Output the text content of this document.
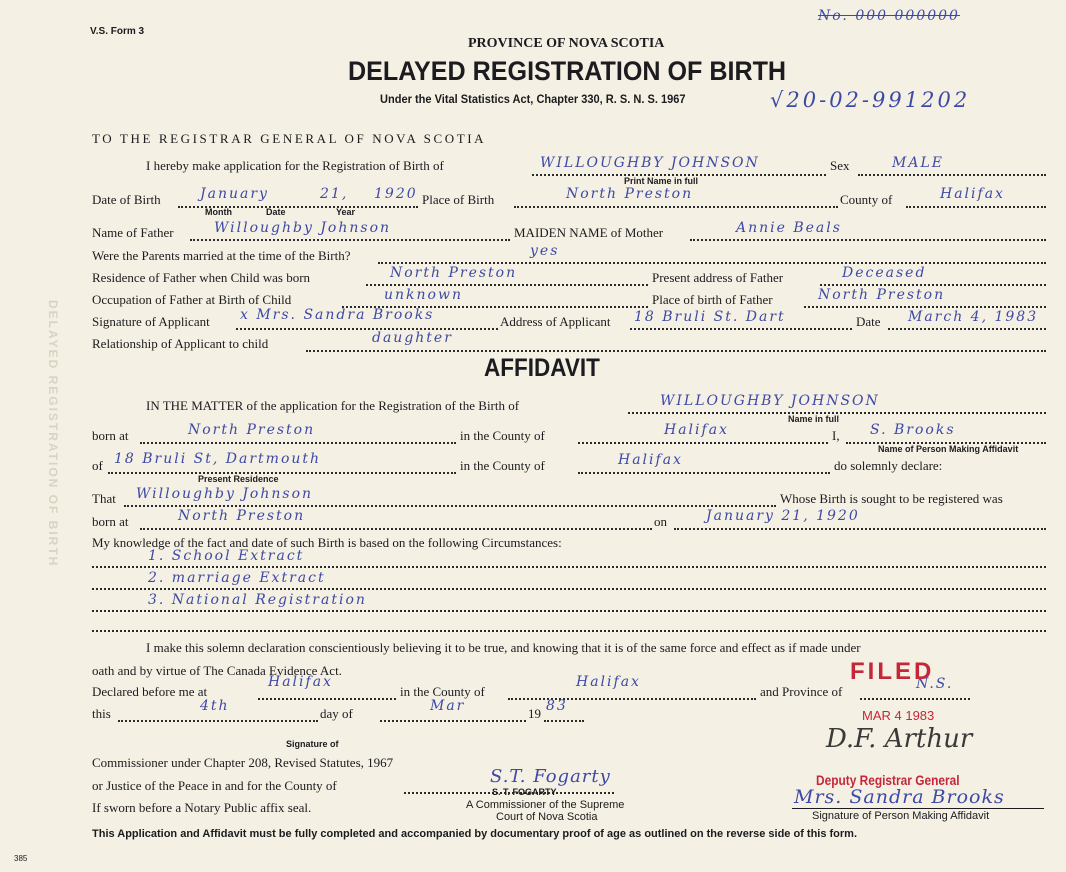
DELAYED REGISTRATION OF BIRTH
V.S. Form 3
No. 000 000000
PROVINCE OF NOVA SCOTIA
DELAYED REGISTRATION OF BIRTH
Under the Vital Statistics Act, Chapter 330, R. S. N. S. 1967	√20-02-991202
TO THE REGISTRAR GENERAL OF NOVA SCOTIA
I hereby make application for the Registration of Birth of	WILLOUGHBY JOHNSON
Print Name in full
Sex	MALE
Date of Birth	January	21, 1920
Month	Date	Year
Place of Birth	North Preston	County of	Halifax
Name of Father	Willoughby Johnson	MAIDEN NAME of Mother	Annie Beals
Were the Parents married at the time of the Birth?	yes
Residence of Father when Child was born	North Preston	Present address of Father	Deceased
Occupation of Father at Birth of Child	unknown	Place of birth of Father	North Preston
Signature of Applicant x Mrs. Sandra Brooks	Address of Applicant 18 Bruli St. Dart	Date March 4, 1983
Relationship of Applicant to child	daughter
AFFIDAVIT
IN THE MATTER of the application for the Registration of the Birth of	WILLOUGHBY JOHNSON
Name in full
born at	North Preston	in the County of	Halifax	I, S. Brooks
Name of Person Making Affidavit
of 18 Bruli St, Dartmouth
Present Residence
in the County of	Halifax	do solemnly declare:
That Willoughby Johnson	Whose Birth is sought to be registered was
born at	North Preston	on	January 21, 1920
My knowledge of the fact and date of such Birth is based on the following Circumstances:
1. School Extract
2. marriage Extract
3. National Registration
I make this solemn declaration conscientiously believing it to be true, and knowing that it is of the same force and effect as if made under
oath and by virtue of The Canada Evidence Act.
Declared before me at
Halifax
in the County of
Halifax
and Province of	N.S.
this	4th	day of	Mar	19 83
FILED
MAR 4 1983
Signature of
Commissioner under Chapter 208, Revised Statutes, 1967
or Justice of the Peace in and for the County of
If sworn before a Notary Public affix seal.
S.T. Fogarty
S. T. FOGARTY
A Commissioner of the Supreme
Court of Nova Scotia
D.F. Arthur
Deputy Registrar General
Mrs. Sandra Brooks
Signature of Person Making Affidavit
This Application and Affidavit must be fully completed and accompanied by documentary proof of age as outlined on the reverse side of this form.
385
